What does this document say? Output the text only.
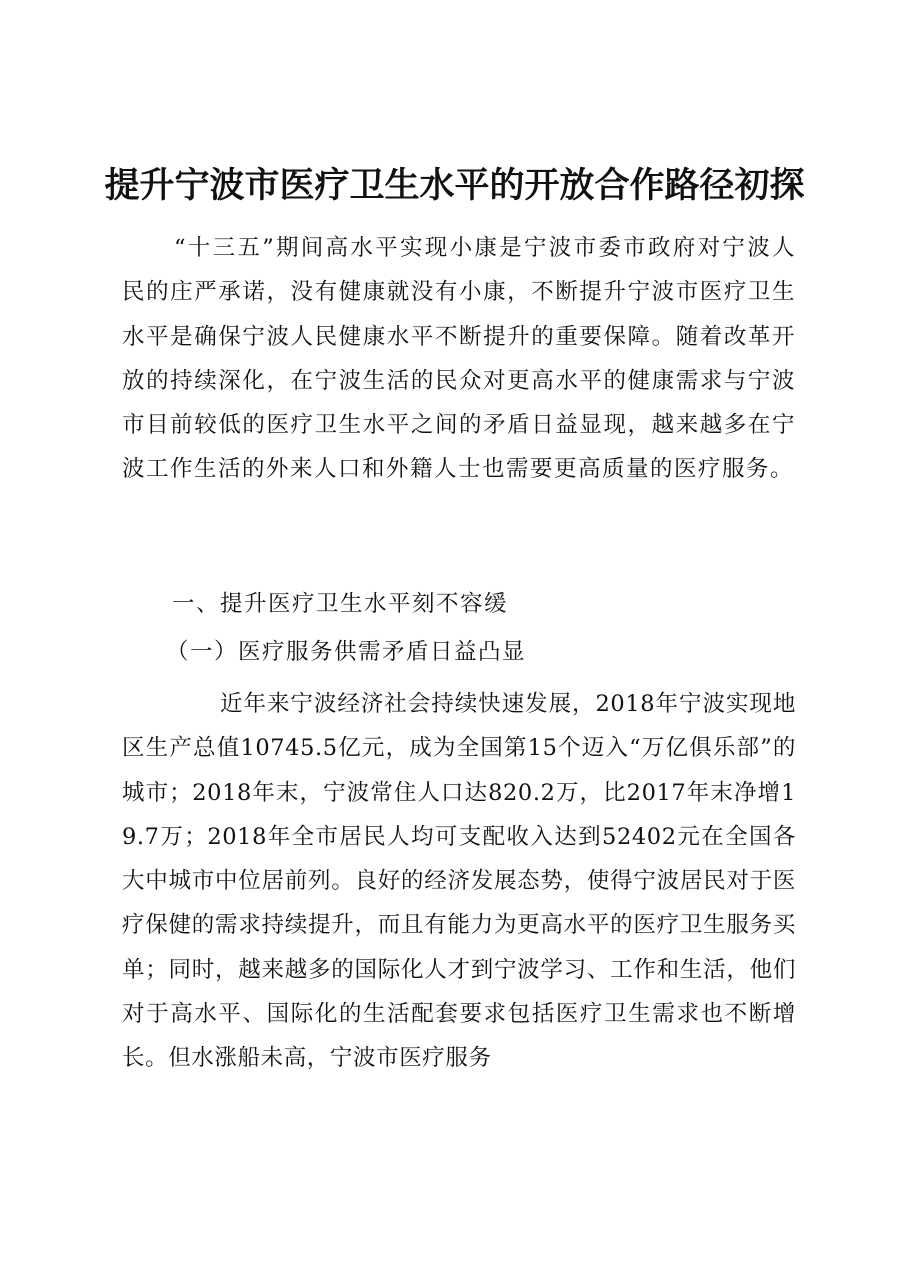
提升宁波市医疗卫生水平的开放合作路径初探

“十三五”期间高水平实现小康是宁波市委市政府对宁波人民的庄严承诺，没有健康就没有小康，不断提升宁波市医疗卫生水平是确保宁波人民健康水平不断提升的重要保障。随着改革开放的持续深化，在宁波生活的民众对更高水平的健康需求与宁波市目前较低的医疗卫生水平之间的矛盾日益显现，越来越多在宁波工作生活的外来人口和外籍人士也需要更高质量的医疗服务。

一、提升医疗卫生水平刻不容缓

（一）医疗服务供需矛盾日益凸显

近年来宁波经济社会持续快速发展，2018年宁波实现地区生产总值10745.5亿元，成为全国第15个迈入“万亿俱乐部”的城市；2018年末，宁波常住人口达820.2万，比2017年末净增19.7万；2018年全市居民人均可支配收入达到52402元在全国各大中城市中位居前列。良好的经济发展态势，使得宁波居民对于医疗保健的需求持续提升，而且有能力为更高水平的医疗卫生服务买单；同时，越来越多的国际化人才到宁波学习、工作和生活，他们对于高水平、国际化的生活配套要求包括医疗卫生需求也不断增长。但水涨船未高，宁波市医疗服务
